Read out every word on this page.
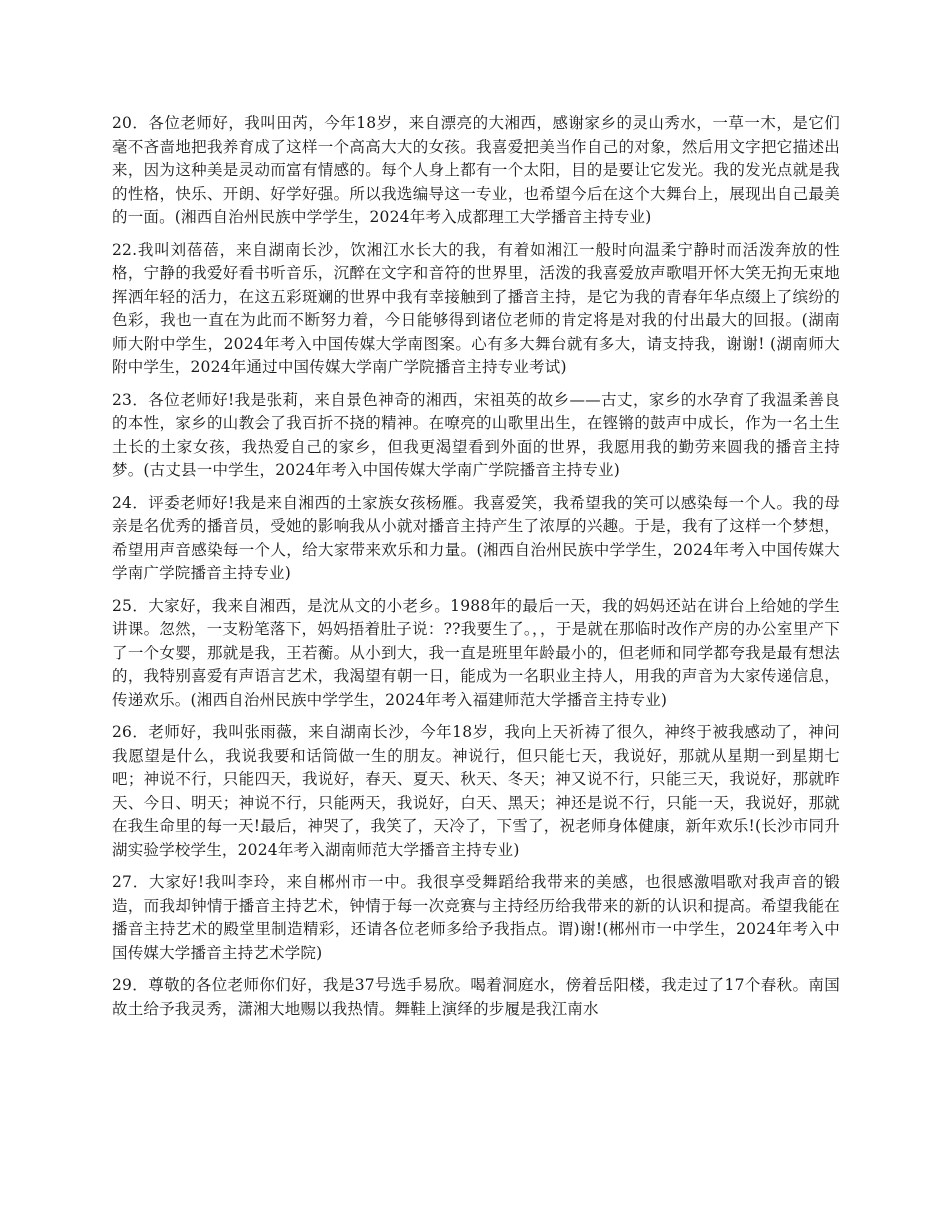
20．各位老师好，我叫田芮，今年18岁，来自漂亮的大湘西，感谢家乡的灵山秀水，一草一木，是它们毫不吝啬地把我养育成了这样一个高高大大的女孩。我喜爱把美当作自己的对象，然后用文字把它描述出来，因为这种美是灵动而富有情感的。每个人身上都有一个太阳，目的是要让它发光。我的发光点就是我的性格，快乐、开朗、好学好强。所以我选编导这一专业，也希望今后在这个大舞台上，展现出自己最美的一面。(湘西自治州民族中学学生，2024年考入成都理工大学播音主持专业)

22.我叫刘蓓蓓，来自湖南长沙，饮湘江水长大的我，有着如湘江一般时向温柔宁静时而活泼奔放的性格，宁静的我爱好看书听音乐，沉醉在文字和音符的世界里，活泼的我喜爱放声歌唱开怀大笑无拘无束地挥洒年轻的活力，在这五彩斑斓的世界中我有幸接触到了播音主持，是它为我的青春年华点缀上了缤纷的色彩，我也一直在为此而不断努力着，今日能够得到诸位老师的肯定将是对我的付出最大的回报。(湖南师大附中学生，2024年考入中国传媒大学南图案。心有多大舞台就有多大，请支持我，谢谢! (湖南师大附中学生，2024年通过中国传媒大学南广学院播音主持专业考试)

23．各位老师好!我是张莉，来自景色神奇的湘西，宋祖英的故乡——古丈，家乡的水孕育了我温柔善良的本性，家乡的山教会了我百折不挠的精神。在嘹亮的山歌里出生，在铿锵的鼓声中成长，作为一名土生土长的土家女孩，我热爱自己的家乡，但我更渴望看到外面的世界，我愿用我的勤劳来圆我的播音主持梦。(古丈县一中学生，2024年考入中国传媒大学南广学院播音主持专业)

24．评委老师好!我是来自湘西的土家族女孩杨雁。我喜爱笑，我希望我的笑可以感染每一个人。我的母亲是名优秀的播音员，受她的影响我从小就对播音主持产生了浓厚的兴趣。于是，我有了这样一个梦想，希望用声音感染每一个人，给大家带来欢乐和力量。(湘西自治州民族中学学生，2024年考入中国传媒大学南广学院播音主持专业)

25．大家好，我来自湘西，是沈从文的小老乡。1988年的最后一天，我的妈妈还站在讲台上给她的学生讲课。忽然，一支粉笔落下，妈妈捂着肚子说：??我要生了。，，于是就在那临时改作产房的办公室里产下了一个女婴，那就是我，王若蘅。从小到大，我一直是班里年龄最小的，但老师和同学都夸我是最有想法的，我特别喜爱有声语言艺术，我渴望有朝一日，能成为一名职业主持人，用我的声音为大家传递信息，传递欢乐。(湘西自治州民族中学学生，2024年考入福建师范大学播音主持专业)

26．老师好，我叫张雨薇，来自湖南长沙，今年18岁，我向上天祈祷了很久，神终于被我感动了，神问我愿望是什么，我说我要和话筒做一生的朋友。神说行，但只能七天，我说好，那就从星期一到星期七吧；神说不行，只能四天，我说好，春天、夏天、秋天、冬天；神又说不行，只能三天，我说好，那就昨天、今日、明天；神说不行，只能两天，我说好，白天、黑天；神还是说不行，只能一天，我说好，那就在我生命里的每一天!最后，神哭了，我笑了，天冷了，下雪了，祝老师身体健康，新年欢乐!(长沙市同升湖实验学校学生，2024年考入湖南师范大学播音主持专业)

27．大家好!我叫李玲，来自郴州市一中。我很享受舞蹈给我带来的美感，也很感激唱歌对我声音的锻造，而我却钟情于播音主持艺术，钟情于每一次竞赛与主持经历给我带来的新的认识和提高。希望我能在播音主持艺术的殿堂里制造精彩，还请各位老师多给予我指点。谓)谢!(郴州市一中学生，2024年考入中国传媒大学播音主持艺术学院)

29．尊敬的各位老师你们好，我是37号选手易欣。喝着洞庭水，傍着岳阳楼，我走过了17个春秋。南国故土给予我灵秀，潇湘大地赐以我热情。舞鞋上演绎的步履是我江南水
